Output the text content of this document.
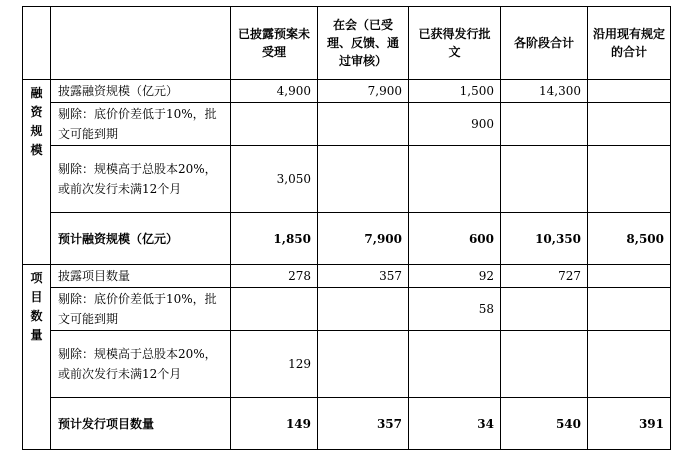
		已披露预案未受理	在会（已受理、反馈、通过审核）	已获得发行批文	各阶段合计	沿用现有规定的合计
融资规模	披露融资规模（亿元）	4,900	7,900	1,500	14,300	
	剔除：底价价差低于10%，批文可能到期			900		
	剔除：规模高于总股本20%，或前次发行未满12个月	3,050				
	预计融资规模（亿元）	1,850	7,900	600	10,350	8,500
项目数量	披露项目数量	278	357	92	727	
	剔除：底价价差低于10%，批文可能到期			58		
	剔除：规模高于总股本20%，或前次发行未满12个月	129				
	预计发行项目数量	149	357	34	540	391
